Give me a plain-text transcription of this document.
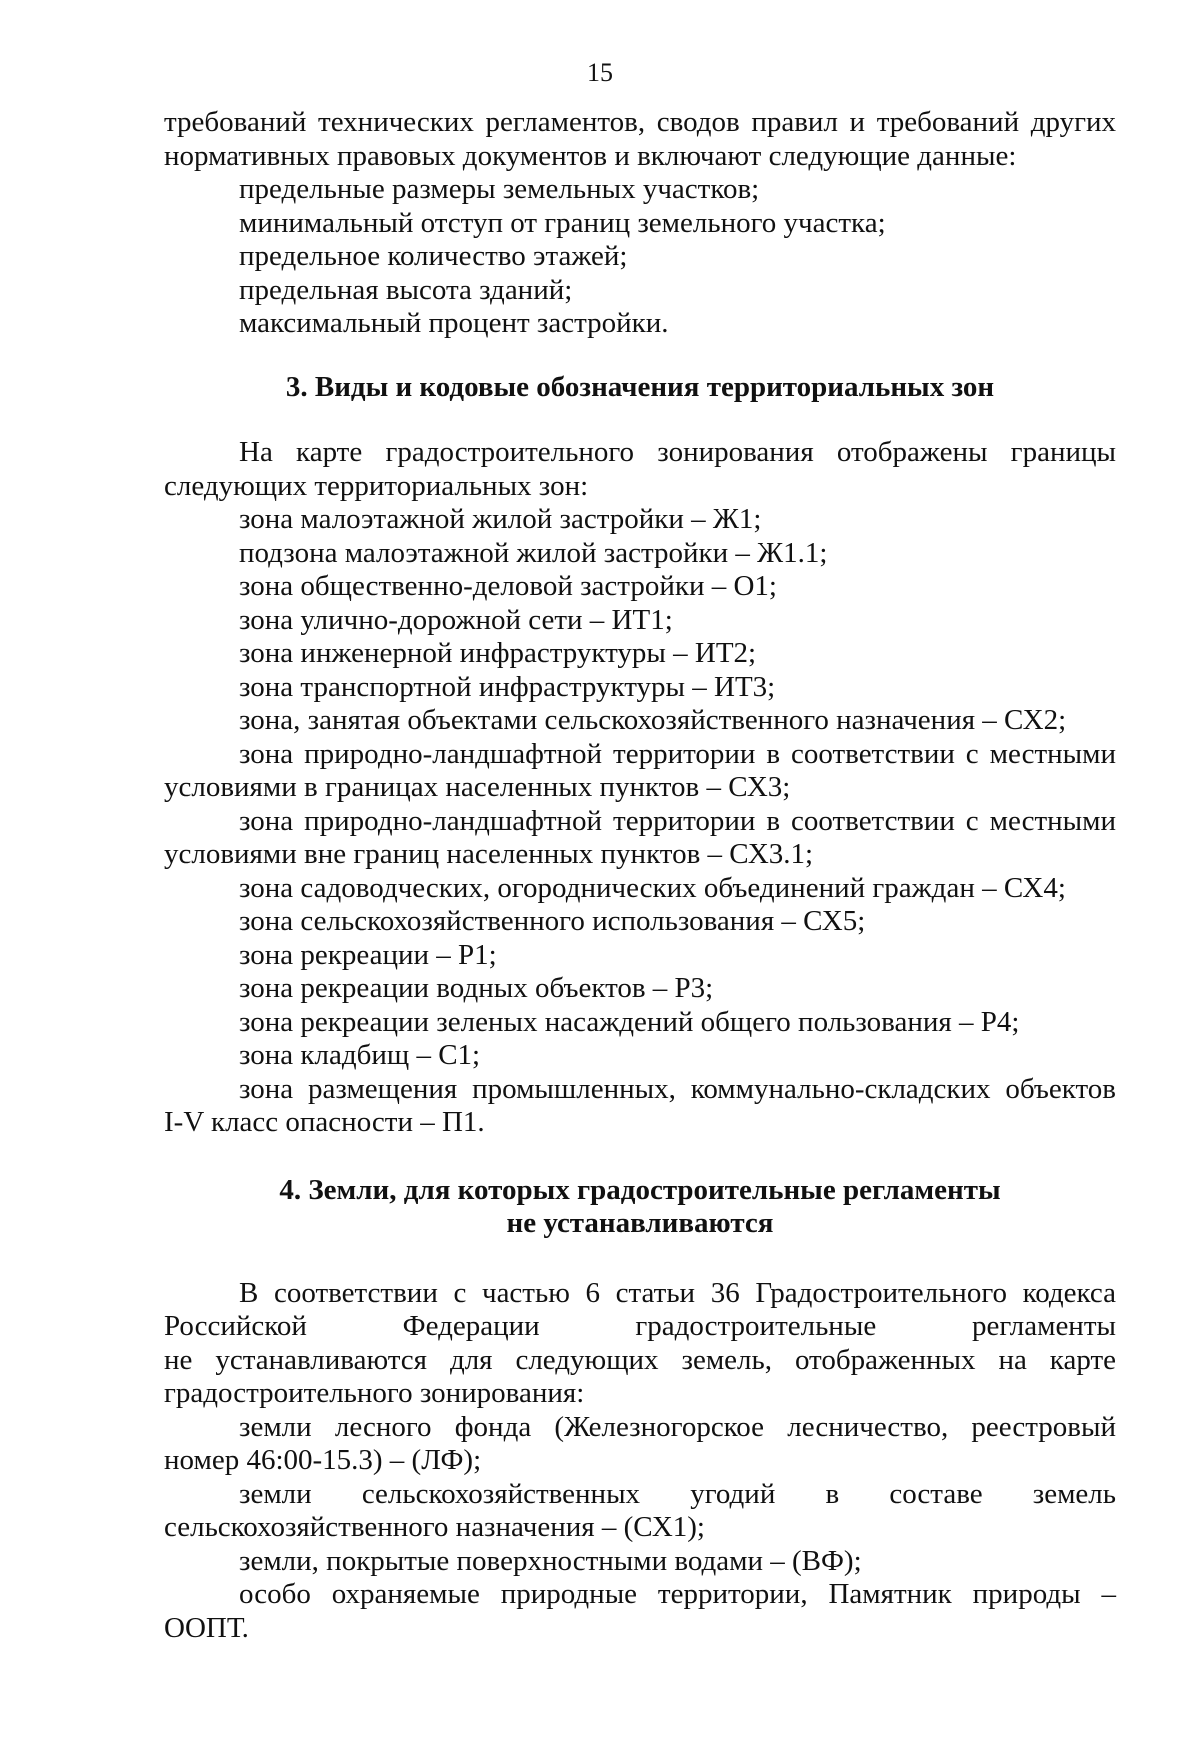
15

требований технических регламентов, сводов правил и требований других

нормативных правовых документов и включают следующие данные:

предельные размеры земельных участков;

минимальный отступ от границ земельного участка;

предельное количество этажей;

предельная высота зданий;

максимальный процент застройки.

3. Виды и кодовые обозначения территориальных зон

На карте градостроительного зонирования отображены границы

следующих территориальных зон:

зона малоэтажной жилой застройки – Ж1;

подзона малоэтажной жилой застройки – Ж1.1;

зона общественно-деловой застройки – О1;

зона улично-дорожной сети – ИТ1;

зона инженерной инфраструктуры – ИТ2;

зона транспортной инфраструктуры – ИТ3;

зона, занятая объектами сельскохозяйственного назначения – СХ2;

зона природно-ландшафтной территории в соответствии с местными

условиями в границах населенных пунктов – СХ3;

зона природно-ландшафтной территории в соответствии с местными

условиями вне границ населенных пунктов – СХ3.1;

зона садоводческих, огороднических объединений граждан – СХ4;

зона сельскохозяйственного использования – СХ5;

зона рекреации – Р1;

зона рекреации водных объектов – Р3;

зона рекреации зеленых насаждений общего пользования – Р4;

зона кладбищ – С1;

зона размещения промышленных, коммунально-складских объектов

I-V класс опасности – П1.

4. Земли, для которых градостроительные регламенты

не устанавливаются

В соответствии с частью 6 статьи 36 Градостроительного кодекса

Российской Федерации градостроительные регламенты

не устанавливаются для следующих земель, отображенных на карте

градостроительного зонирования:

земли лесного фонда (Железногорское лесничество, реестровый

номер 46:00-15.3) – (ЛФ);

земли сельскохозяйственных угодий в составе земель

сельскохозяйственного назначения – (СХ1);

земли, покрытые поверхностными водами – (ВФ);

особо охраняемые природные территории, Памятник природы –

ООПТ.
